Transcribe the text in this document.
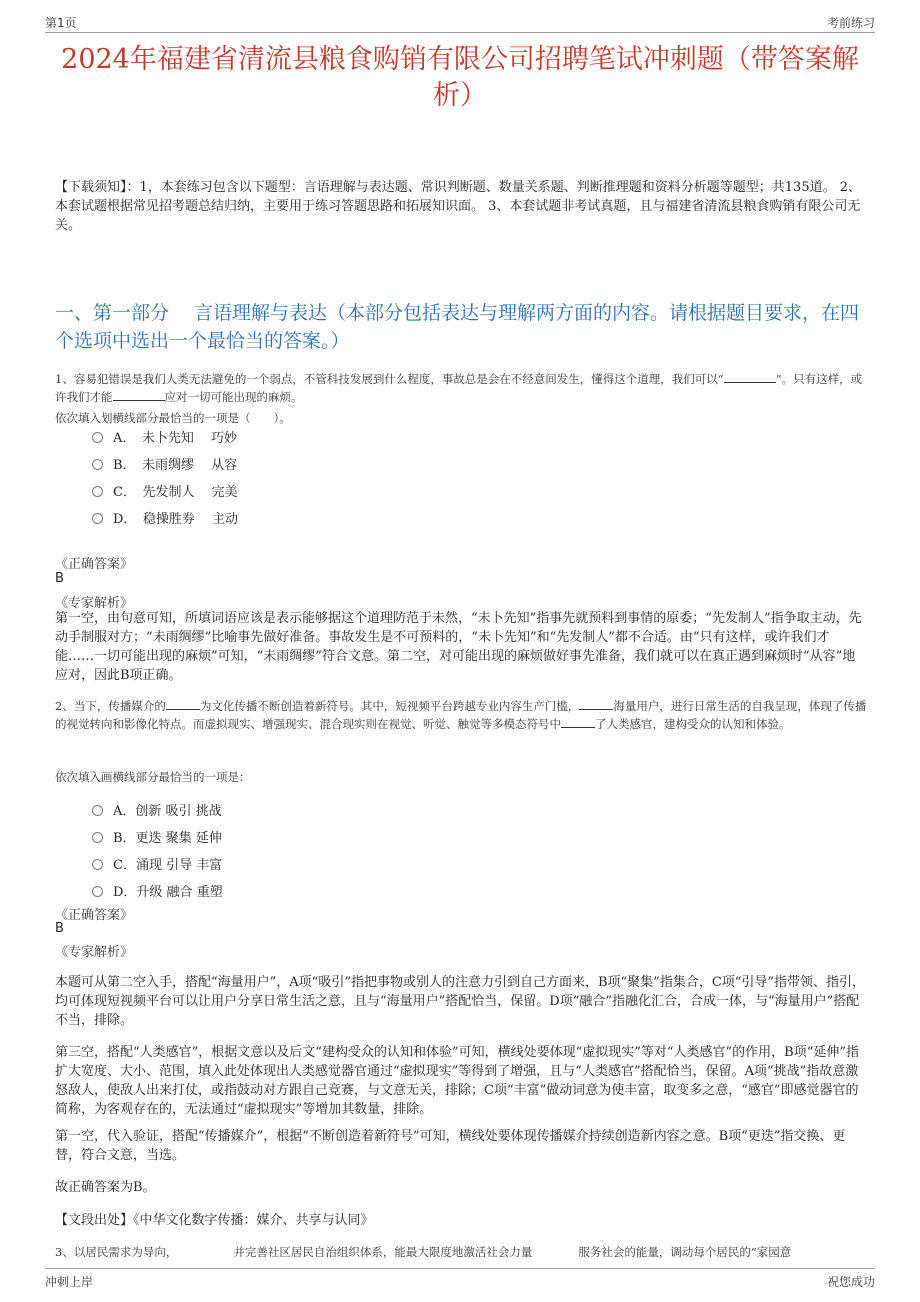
第1页	考前练习
2024年福建省清流县粮食购销有限公司招聘笔试冲刺题（带答案解析）
【下载须知】：1，本套练习包含以下题型：言语理解与表达题、常识判断题、数量关系题、判断推理题和资料分析题等题型；共135道。 2、本套试题根据常见招考题总结归纳，主要用于练习答题思路和拓展知识面。 3、本套试题非考试真题，且与福建省清流县粮食购销有限公司无关。
一、第一部分　 言语理解与表达（本部分包括表达与理解两方面的内容。请根据题目要求，在四个选项中选出一个最恰当的答案。）
1、容易犯错误是我们人类无法避免的一个弱点，不管科技发展到什么程度，事故总是会在不经意间发生，懂得这个道理，我们可以“	”。只有这样，或许我们才能	应对一切可能出现的麻烦。
依次填入划横线部分最恰当的一项是（　　）。
A．　未卜先知　 巧妙
B．　未雨绸缪　 从容
C．　先发制人　 完美
D．　稳操胜券　 主动
《正确答案》
B
《专家解析》
第一空，由句意可知，所填词语应该是表示能够据这个道理防范于未然，“未卜先知”指事先就预料到事情的原委；“先发制人”指争取主动，先动手制服对方；“未雨绸缪”比喻事先做好准备。事故发生是不可预料的，“未卜先知”和“先发制人”都不合适。由“只有这样，或许我们才能……一切可能出现的麻烦”可知，“未雨绸缪”符合文意。第二空，对可能出现的麻烦做好事先准备，我们就可以在真正遇到麻烦时“从容”地应对，因此B项正确。
2、当下，传播媒介的	为文化传播不断创造着新符号。其中，短视频平台跨越专业内容生产门槛，	海量用户，进行日常生活的自我呈现，体现了传播的视觉转向和影像化特点。而虚拟现实、增强现实、混合现实则在视觉、听觉、触觉等多模态符号中	了人类感官，建构受众的认知和体验。
依次填入画横线部分最恰当的一项是：
A．创新 吸引 挑战
B．更迭 聚集 延伸
C．涌现 引导 丰富
D．升级 融合 重塑
《正确答案》
B
《专家解析》
本题可从第二空入手，搭配“海量用户”，A项“吸引”指把事物或别人的注意力引到自己方面来，B项“聚集”指集合，C项“引导”指带领、指引，均可体现短视频平台可以让用户分享日常生活之意，且与“海量用户”搭配恰当，保留。D项“融合”指融化汇合，合成一体，与“海量用户”搭配不当，排除。
第三空，搭配“人类感官”，根据文意以及后文“建构受众的认知和体验”可知，横线处要体现“虚拟现实”等对“人类感官”的作用，B项“延伸”指扩大宽度、大小、范围，填入此处体现出人类感觉器官通过“虚拟现实”等得到了增强，且与“人类感官”搭配恰当，保留。A项“挑战”指故意激怒敌人，使敌人出来打仗，或指鼓动对方跟自己竞赛，与文意无关，排除；C项“丰富”做动词意为使丰富，取变多之意，“感官”即感觉器官的简称，为客观存在的，无法通过“虚拟现实”等增加其数量，排除。
第一空，代入验证，搭配“传播媒介”，根据“不断创造着新符号”可知，横线处要体现传播媒介持续创造新内容之意。B项“更迭”指交换、更替，符合文意，当选。
故正确答案为B。
【文段出处】《中华文化数字传播：媒介、共享与认同》
3、以居民需求为导向，	并完善社区居民自治组织体系，能最大限度地激活社会力量	服务社会的能量，调动每个居民的“家园意
冲刺上岸	祝您成功
